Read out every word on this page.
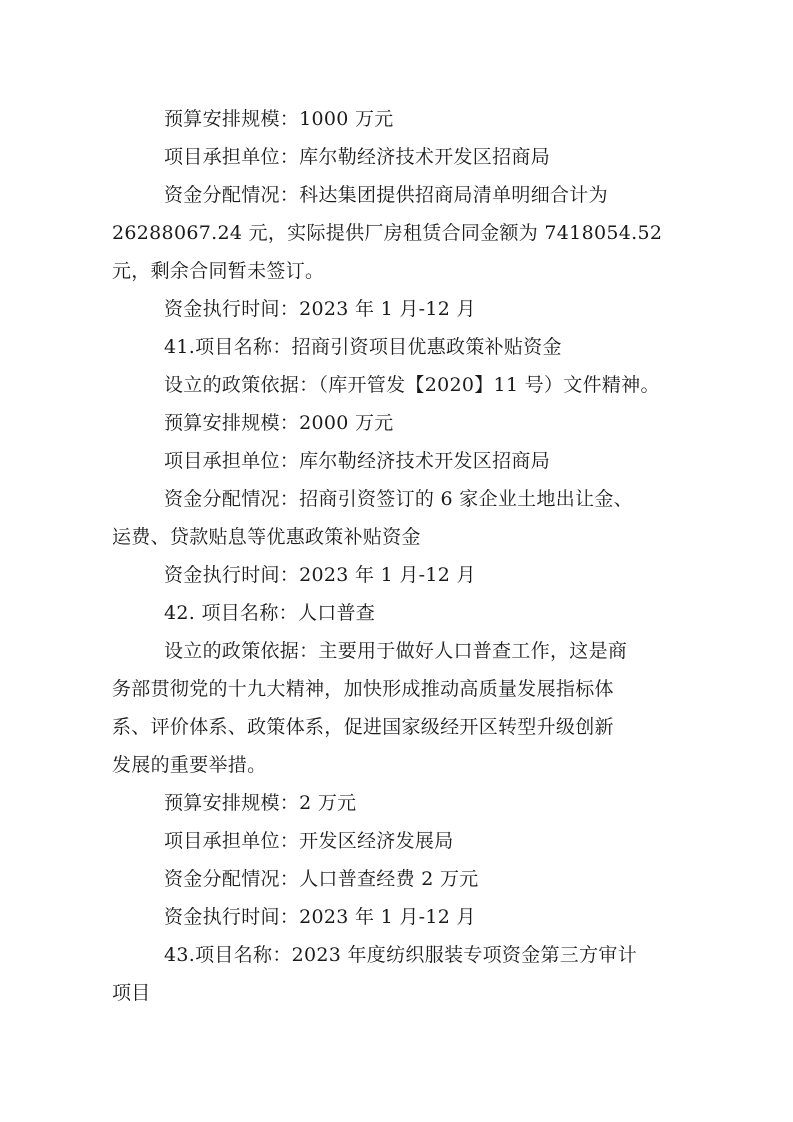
预算安排规模：1000 万元
项目承担单位：库尔勒经济技术开发区招商局
资金分配情况：科达集团提供招商局清单明细合计为
26288067.24 元，实际提供厂房租赁合同金额为 7418054.52
元，剩余合同暂未签订。
资金执行时间：2023 年 1 月-12 月
41.项目名称：招商引资项目优惠政策补贴资金
设立的政策依据：（库开管发【2020】11 号）文件精神。
预算安排规模：2000 万元
项目承担单位：库尔勒经济技术开发区招商局
资金分配情况：招商引资签订的 6 家企业土地出让金、
运费、贷款贴息等优惠政策补贴资金
资金执行时间：2023 年 1 月-12 月
42. 项目名称：人口普查
设立的政策依据：主要用于做好人口普查工作，这是商
务部贯彻党的十九大精神，加快形成推动高质量发展指标体
系、评价体系、政策体系，促进国家级经开区转型升级创新
发展的重要举措。
预算安排规模：2 万元
项目承担单位：开发区经济发展局
资金分配情况：人口普查经费 2 万元
资金执行时间：2023 年 1 月-12 月
43.项目名称：2023 年度纺织服装专项资金第三方审计
项目
